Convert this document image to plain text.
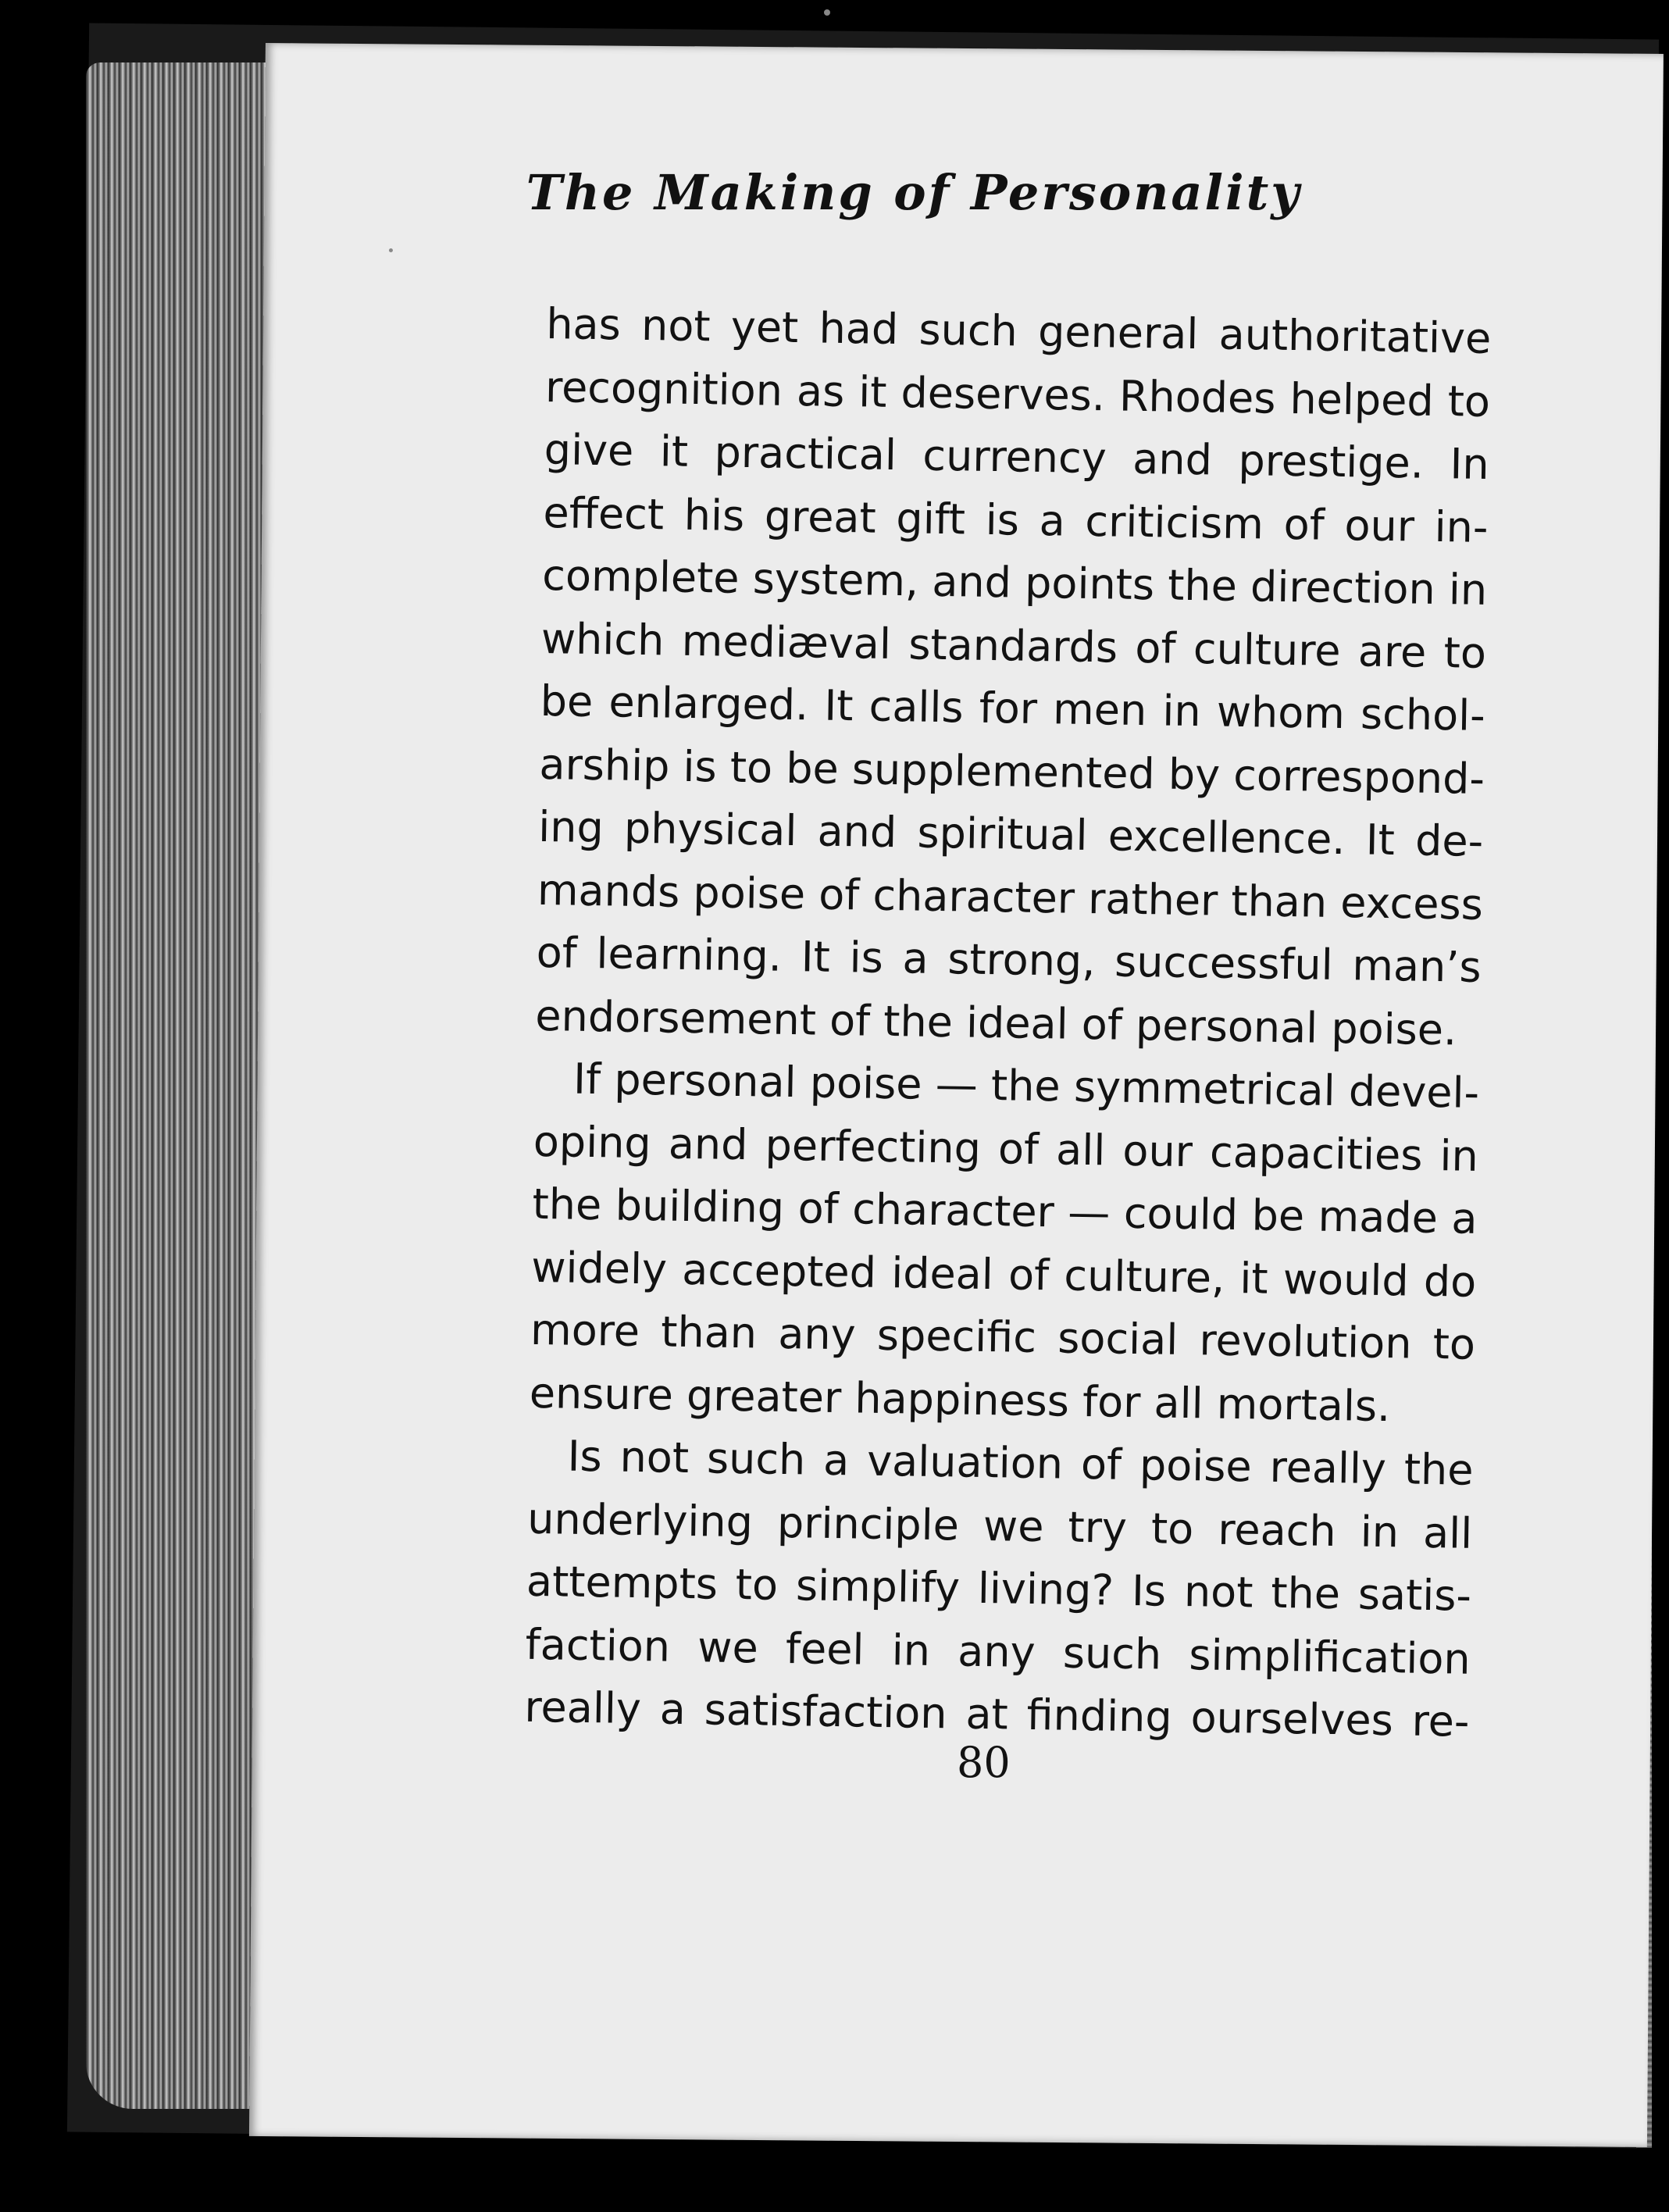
The Making of Personality
has not yet had such general authoritative
recognition as it deserves. Rhodes helped to
give it practical currency and prestige. In
effect his great gift is a criticism of our in-
complete system, and points the direction in
which mediæval standards of culture are to
be enlarged. It calls for men in whom schol-
arship is to be supplemented by correspond-
ing physical and spiritual excellence. It de-
mands poise of character rather than excess
of learning. It is a strong, successful man’s
endorsement of the ideal of personal poise.
If personal poise — the symmetrical devel-
oping and perfecting of all our capacities in
the building of character — could be made a
widely accepted ideal of culture, it would do
more than any specific social revolution to
ensure greater happiness for all mortals.
Is not such a valuation of poise really the
underlying principle we try to reach in all
attempts to simplify living? Is not the satis-
faction we feel in any such simplification
really a satisfaction at finding ourselves re-
80
